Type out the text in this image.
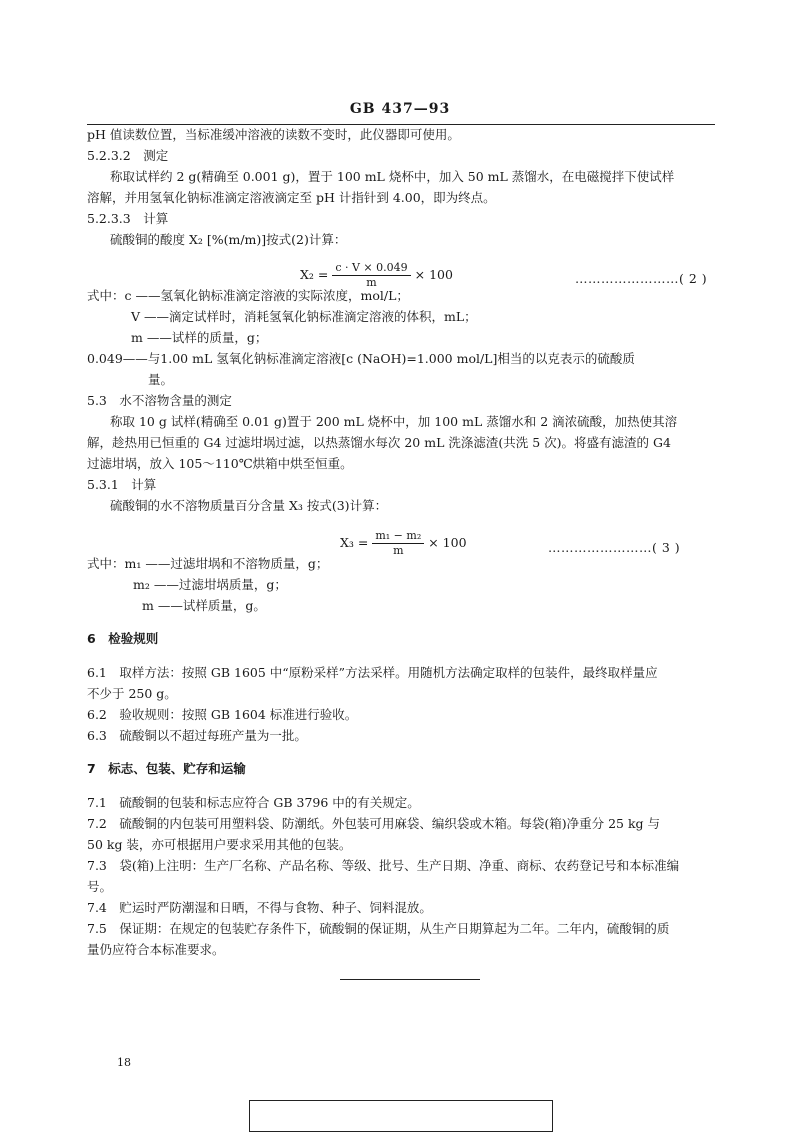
GB 437—93
pH 值读数位置，当标准缓冲溶液的读数不变时，此仪器即可使用。
5.2.3.2　测定
称取试样约 2 g(精确至 0.001 g)，置于 100 mL 烧杯中，加入 50 mL 蒸馏水，在电磁搅拌下使试样
溶解，并用氢氧化钠标准滴定溶液滴定至 pH 计指针到 4.00，即为终点。
5.2.3.3　计算
硫酸铜的酸度 X₂ [%(m/m)]按式(2)计算：
式中：c ——氢氧化钠标准滴定溶液的实际浓度，mol/L；
V ——滴定试样时，消耗氢氧化钠标准滴定溶液的体积，mL；
m ——试样的质量，g；
0.049——与1.00 mL 氢氧化钠标准滴定溶液[c (NaOH)=1.000 mol/L]相当的以克表示的硫酸质
量。
5.3　水不溶物含量的测定
称取 10 g 试样(精确至 0.01 g)置于 200 mL 烧杯中，加 100 mL 蒸馏水和 2 滴浓硫酸，加热使其溶
解，趁热用已恒重的 G4 过滤坩埚过滤，以热蒸馏水每次 20 mL 洗涤滤渣(共洗 5 次)。将盛有滤渣的 G4
过滤坩埚，放入 105～110℃烘箱中烘至恒重。
5.3.1　计算
硫酸铜的水不溶物质量百分含量 X₃ 按式(3)计算：
式中：m₁ ——过滤坩埚和不溶物质量，g；
m₂ ——过滤坩埚质量，g；
m ——试样质量，g。
6　检验规则
6.1　取样方法：按照 GB 1605 中“原粉采样”方法采样。用随机方法确定取样的包装件，最终取样量应
不少于 250 g。
6.2　验收规则：按照 GB 1604 标准进行验收。
6.3　硫酸铜以不超过每班产量为一批。
7　标志、包装、贮存和运输
7.1　硫酸铜的包装和标志应符合 GB 3796 中的有关规定。
7.2　硫酸铜的内包装可用塑料袋、防潮纸。外包装可用麻袋、编织袋或木箱。每袋(箱)净重分 25 kg 与
50 kg 装，亦可根据用户要求采用其他的包装。
7.3　袋(箱)上注明：生产厂名称、产品名称、等级、批号、生产日期、净重、商标、农药登记号和本标准编
号。
7.4　贮运时严防潮湿和日晒，不得与食物、种子、饲料混放。
7.5　保证期：在规定的包装贮存条件下，硫酸铜的保证期，从生产日期算起为二年。二年内，硫酸铜的质
量仍应符合本标准要求。
$X_2 = \frac{c \cdot V \times 0.049}{m} \times 100$	……………………( 2 )
$X_3 = \frac{\text{m₁ − m₂}}{m} \times 100$	……………………( 3 )
18
